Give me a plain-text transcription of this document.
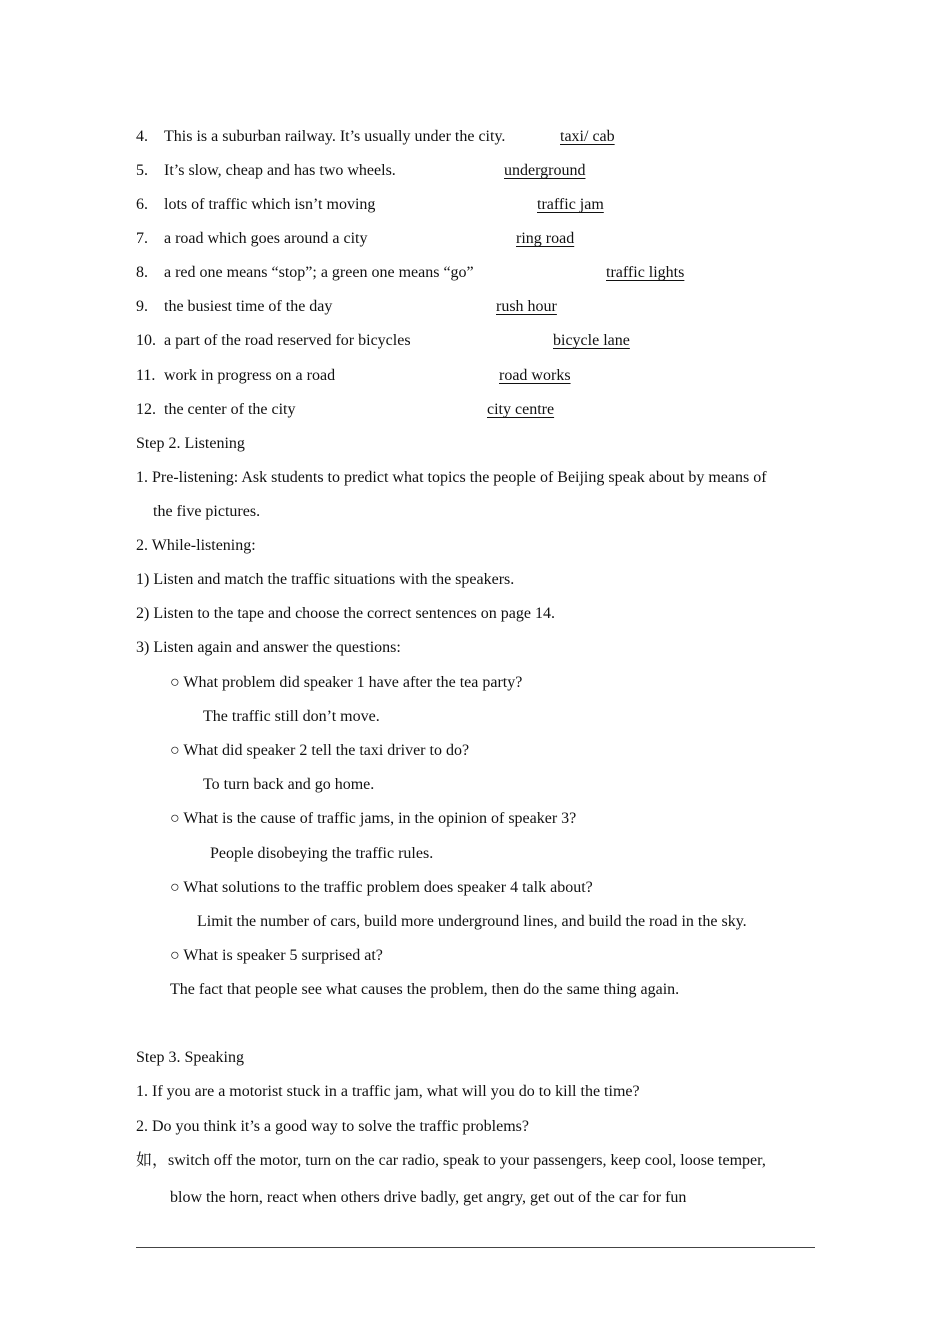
4. This is a suburban railway. It’s usually under the city.	taxi/ cab
5. It’s slow, cheap and has two wheels.	underground
6. lots of traffic which isn’t moving	traffic jam
7. a road which goes around a city	ring road
8. a red one means “stop”; a green one means “go”	traffic lights
9. the busiest time of the day	rush hour
10. a part of the road reserved for bicycles	bicycle lane
11. work in progress on a road	road works
12. the center of the city	city centre
Step 2. Listening
1. Pre-listening: Ask students to predict what topics the people of Beijing speak about by means of
the five pictures.
2. While-listening:
1) Listen and match the traffic situations with the speakers.
2) Listen to the tape and choose the correct sentences on page 14.
3) Listen again and answer the questions:
○ What problem did speaker 1 have after the tea party?
The traffic still don’t move.
○ What did speaker 2 tell the taxi driver to do?
To turn back and go home.
○ What is the cause of traffic jams, in the opinion of speaker 3?
People disobeying the traffic rules.
○ What solutions to the traffic problem does speaker 4 talk about?
Limit the number of cars, build more underground lines, and build the road in the sky.
○ What is speaker 5 surprised at?
The fact that people see what causes the problem, then do the same thing again.
Step 3. Speaking
1. If you are a motorist stuck in a traffic jam, what will you do to kill the time?
2. Do you think it’s a good way to solve the traffic problems?
如，switch off the motor, turn on the car radio, speak to your passengers, keep cool, loose temper,
blow the horn, react when others drive badly, get angry, get out of the car for fun
